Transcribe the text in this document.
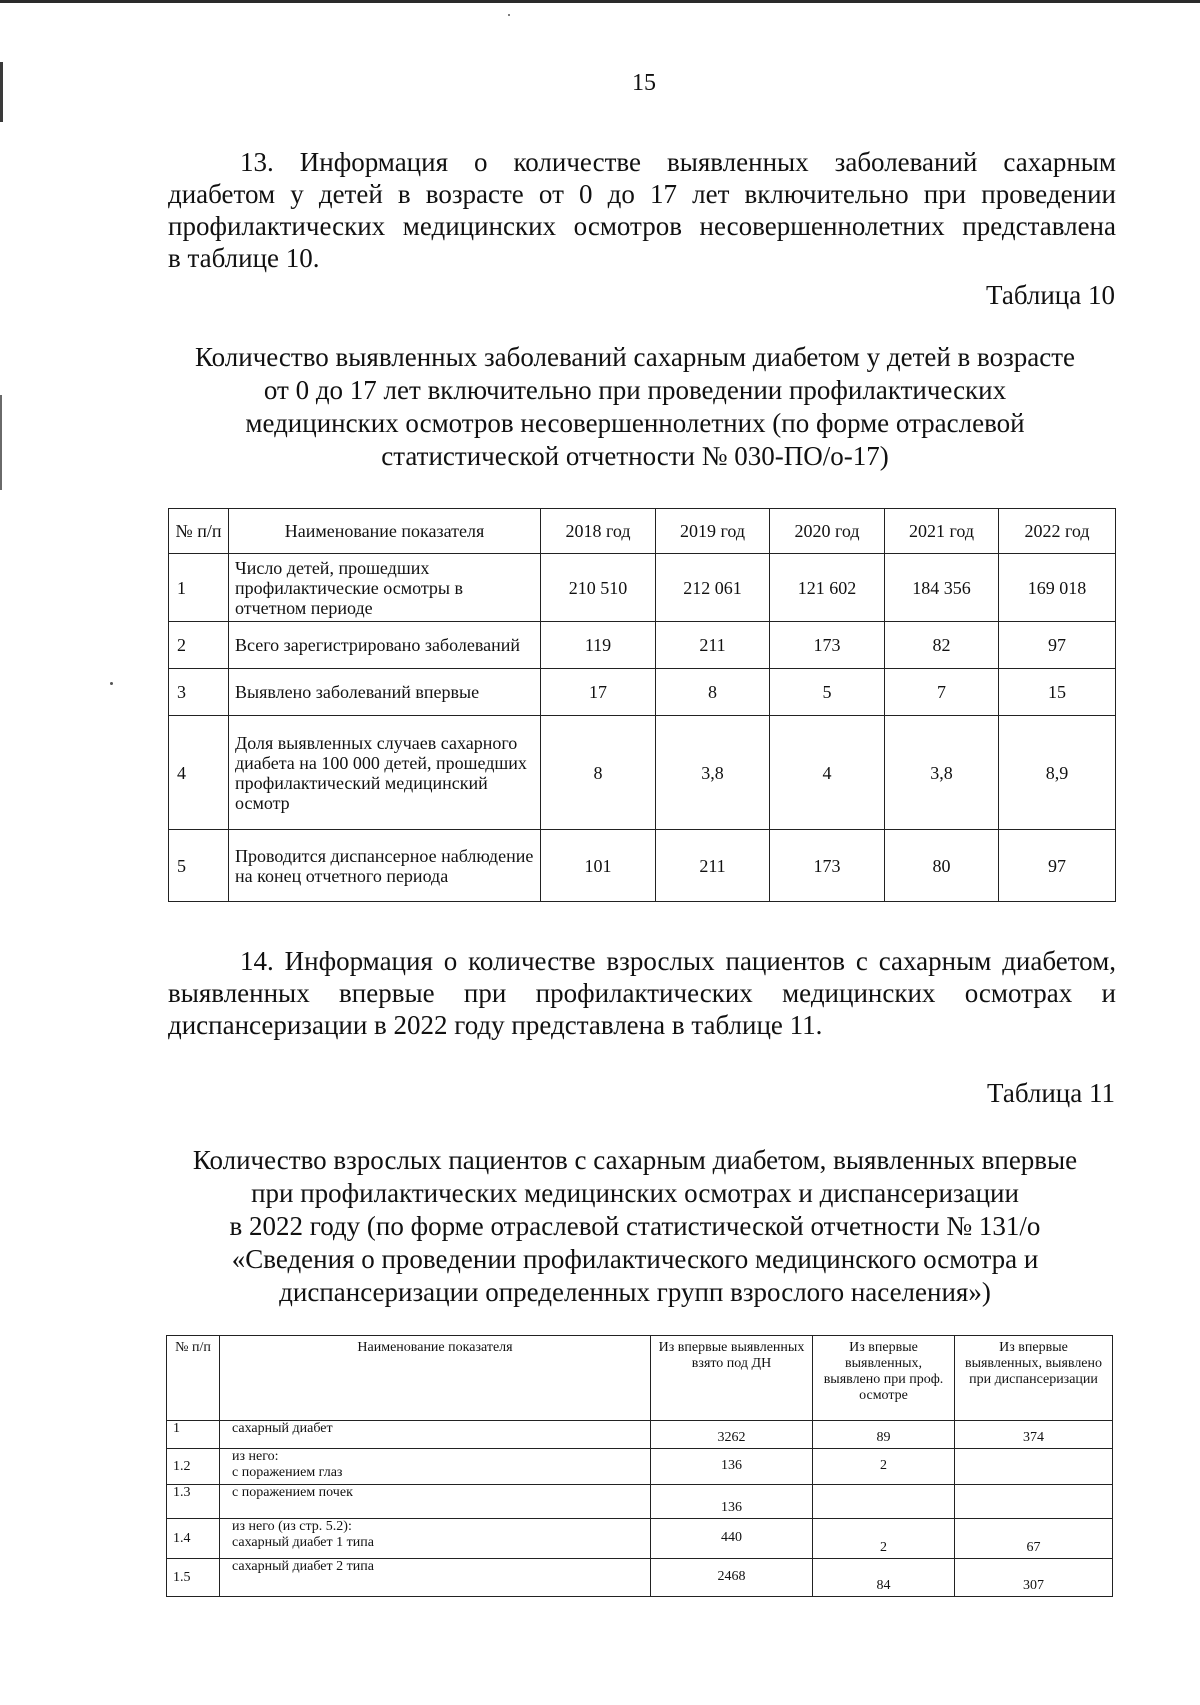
15
13. Информация о количестве выявленных заболеваний сахарным
диабетом у детей в возрасте от 0 до 17 лет включительно при проведении
профилактических медицинских осмотров несовершеннолетних представлена
в таблице 10.
Таблица 10
Количество выявленных заболеваний сахарным диабетом у детей в возрасте
от 0 до 17 лет включительно при проведении профилактических
медицинских осмотров несовершеннолетних (по форме отраслевой
статистической отчетности № 030-ПО/о-17)
№ п/п	Наименование показателя	2018 год	2019 год	2020 год	2021 год	2022 год
1	Число детей, прошедших профилактические осмотры в отчетном периоде	210 510	212 061	121 602	184 356	169 018
2	Всего зарегистрировано заболеваний	119	211	173	82	97
3	Выявлено заболеваний впервые	17	8	5	7	15
4	Доля выявленных случаев сахарного диабета на 100 000 детей, прошедших профилактический медицинский осмотр	8	3,8	4	3,8	8,9
5	Проводится диспансерное наблюдение на конец отчетного периода	101	211	173	80	97
14. Информация о количестве взрослых пациентов с сахарным диабетом,
выявленных впервые при профилактических медицинских осмотрах и
диспансеризации в 2022 году представлена в таблице 11.
Таблица 11
Количество взрослых пациентов с сахарным диабетом, выявленных впервые
при профилактических медицинских осмотрах и диспансеризации
в 2022 году (по форме отраслевой статистической отчетности № 131/о
«Сведения о проведении профилактического медицинского осмотра и
диспансеризации определенных групп взрослого населения»)
№ п/п	Наименование показателя	Из впервые выявленных взято под ДН	Из впервые выявленных, выявлено при проф. осмотре	Из впервые выявленных, выявлено при диспансеризации
1	сахарный диабет	3262	89	374
1.2	из него:
с поражением глаз	136	2	
1.3	с поражением почек	136		
1.4	из него (из стр. 5.2):
сахарный диабет 1 типа	440	2	67
1.5	сахарный диабет 2 типа	2468	84	307
